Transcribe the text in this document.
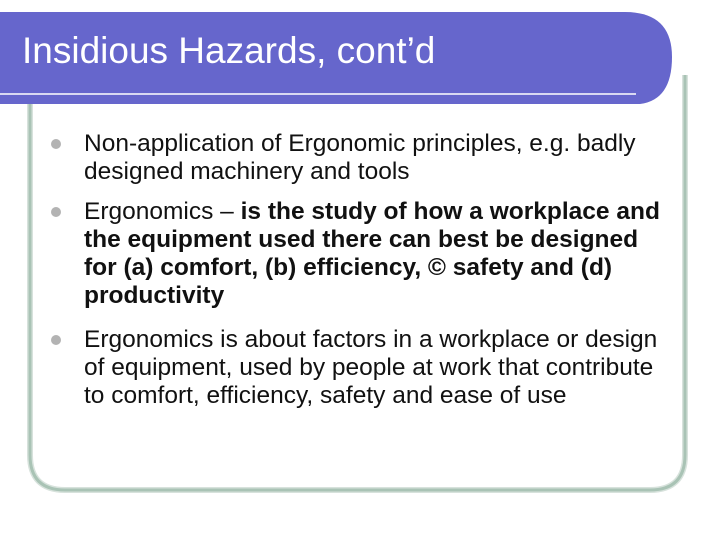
Insidious Hazards, cont’d
Non-application of Ergonomic principles, e.g. badly designed machinery and tools
Ergonomics – is the study of how a workplace and the equipment used there can best be designed for (a) comfort, (b) efficiency, © safety and (d) productivity
Ergonomics is about factors in a workplace or design of equipment, used by people at work that contribute to comfort, efficiency, safety and ease of use
